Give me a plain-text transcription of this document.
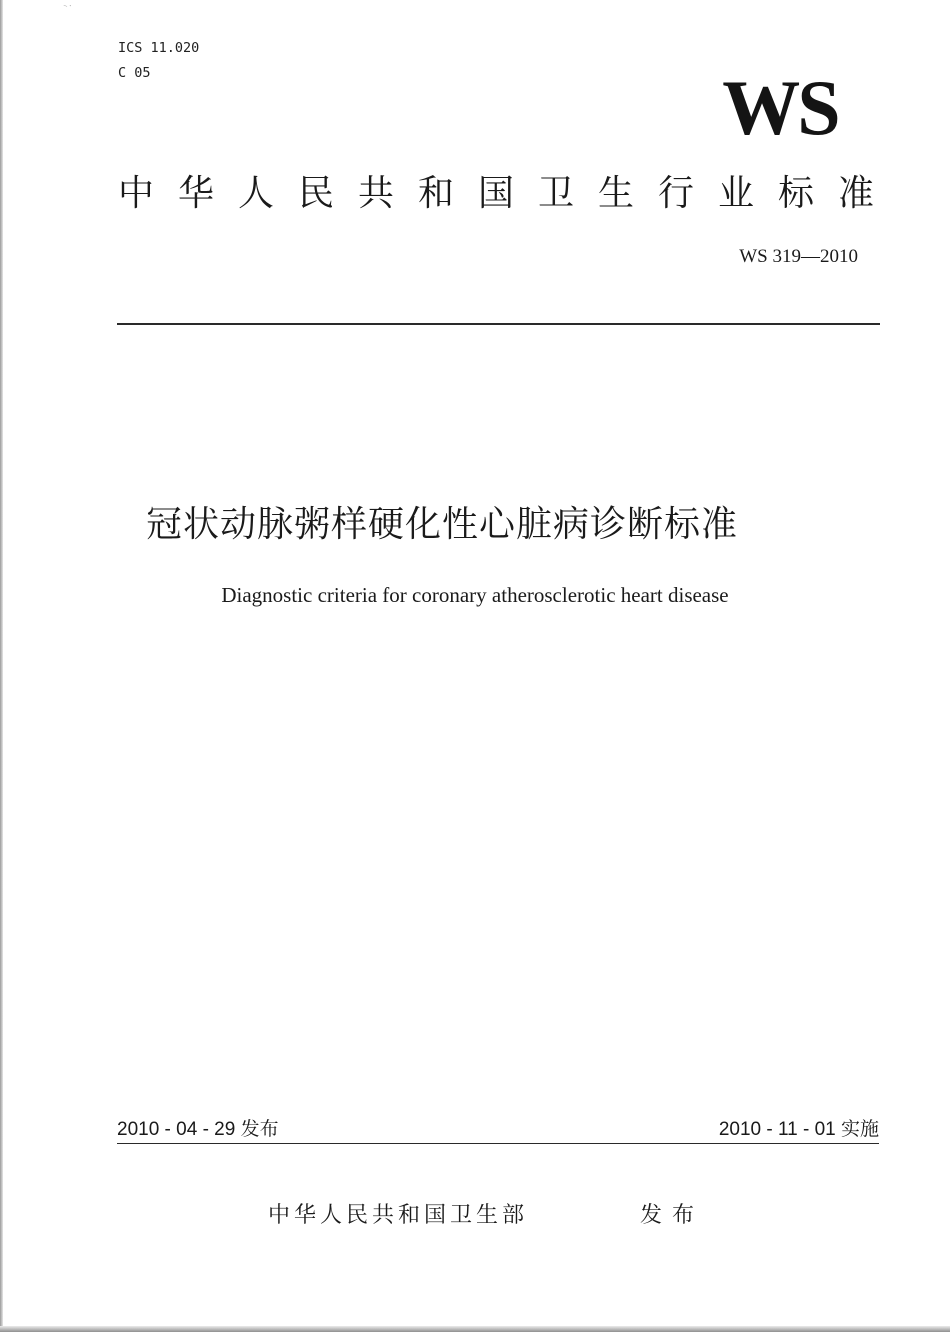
⁻˙
ICS 11.020
C 05	WS
中华人民共和国卫生行业标准
WS 319—2010
冠状动脉粥样硬化性心脏病诊断标准
Diagnostic criteria for coronary atherosclerotic heart disease
2010 - 04 - 29 发布	2010 - 11 - 01 实施
中华人民共和国卫生部	发布
